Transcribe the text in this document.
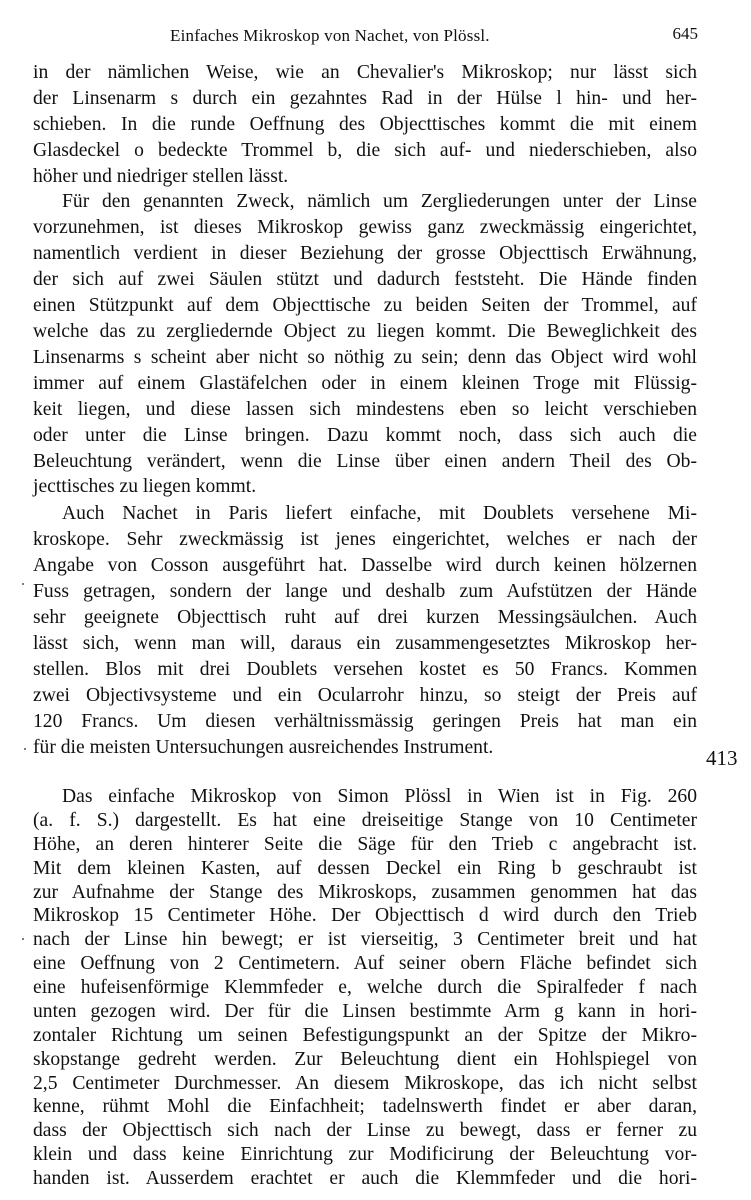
Einfaches Mikroskop von Nachet, von Plössl.	645
in der nämlichen Weise, wie an Chevalier's Mikroskop; nur lässt sich
der Linsenarm s durch ein gezahntes Rad in der Hülse l hin- und her-
schieben. In die runde Oeffnung des Objecttisches kommt die mit einem
Glasdeckel o bedeckte Trommel b, die sich auf- und niederschieben, also
höher und niedriger stellen lässt.
Für den genannten Zweck, nämlich um Zergliederungen unter der Linse
vorzunehmen, ist dieses Mikroskop gewiss ganz zweckmässig eingerichtet,
namentlich verdient in dieser Beziehung der grosse Objecttisch Erwähnung,
der sich auf zwei Säulen stützt und dadurch feststeht. Die Hände finden
einen Stützpunkt auf dem Objecttische zu beiden Seiten der Trommel, auf
welche das zu zergliedernde Object zu liegen kommt. Die Beweglichkeit des
Linsenarms s scheint aber nicht so nöthig zu sein; denn das Object wird wohl
immer auf einem Glastäfelchen oder in einem kleinen Troge mit Flüssig-
keit liegen, und diese lassen sich mindestens eben so leicht verschieben
oder unter die Linse bringen. Dazu kommt noch, dass sich auch die
Beleuchtung verändert, wenn die Linse über einen andern Theil des Ob-
jecttisches zu liegen kommt.
Auch Nachet in Paris liefert einfache, mit Doublets versehene Mi-
kroskope. Sehr zweckmässig ist jenes eingerichtet, welches er nach der
Angabe von Cosson ausgeführt hat. Dasselbe wird durch keinen hölzernen
Fuss getragen, sondern der lange und deshalb zum Aufstützen der Hände
sehr geeignete Objecttisch ruht auf drei kurzen Messingsäulchen. Auch
lässt sich, wenn man will, daraus ein zusammengesetztes Mikroskop her-
stellen. Blos mit drei Doublets versehen kostet es 50 Francs. Kommen
zwei Objectivsysteme und ein Ocularrohr hinzu, so steigt der Preis auf
120 Francs. Um diesen verhältnissmässig geringen Preis hat man ein
für die meisten Untersuchungen ausreichendes Instrument.
Das einfache Mikroskop von Simon Plössl in Wien ist in Fig. 260
(a. f. S.) dargestellt. Es hat eine dreiseitige Stange von 10 Centimeter
Höhe, an deren hinterer Seite die Säge für den Trieb c angebracht ist.
Mit dem kleinen Kasten, auf dessen Deckel ein Ring b geschraubt ist
zur Aufnahme der Stange des Mikroskops, zusammen genommen hat das
Mikroskop 15 Centimeter Höhe. Der Objecttisch d wird durch den Trieb
nach der Linse hin bewegt; er ist vierseitig, 3 Centimeter breit und hat
eine Oeffnung von 2 Centimetern. Auf seiner obern Fläche befindet sich
eine hufeisenförmige Klemmfeder e, welche durch die Spiralfeder f nach
unten gezogen wird. Der für die Linsen bestimmte Arm g kann in hori-
zontaler Richtung um seinen Befestigungspunkt an der Spitze der Mikro-
skopstange gedreht werden. Zur Beleuchtung dient ein Hohlspiegel von
2,5 Centimeter Durchmesser. An diesem Mikroskope, das ich nicht selbst
kenne, rühmt Mohl die Einfachheit; tadelnswerth findet er aber daran,
dass der Objecttisch sich nach der Linse zu bewegt, dass er ferner zu
klein und dass keine Einrichtung zur Modificirung der Beleuchtung vor-
handen ist. Ausserdem erachtet er auch die Klemmfeder und die hori-
413
